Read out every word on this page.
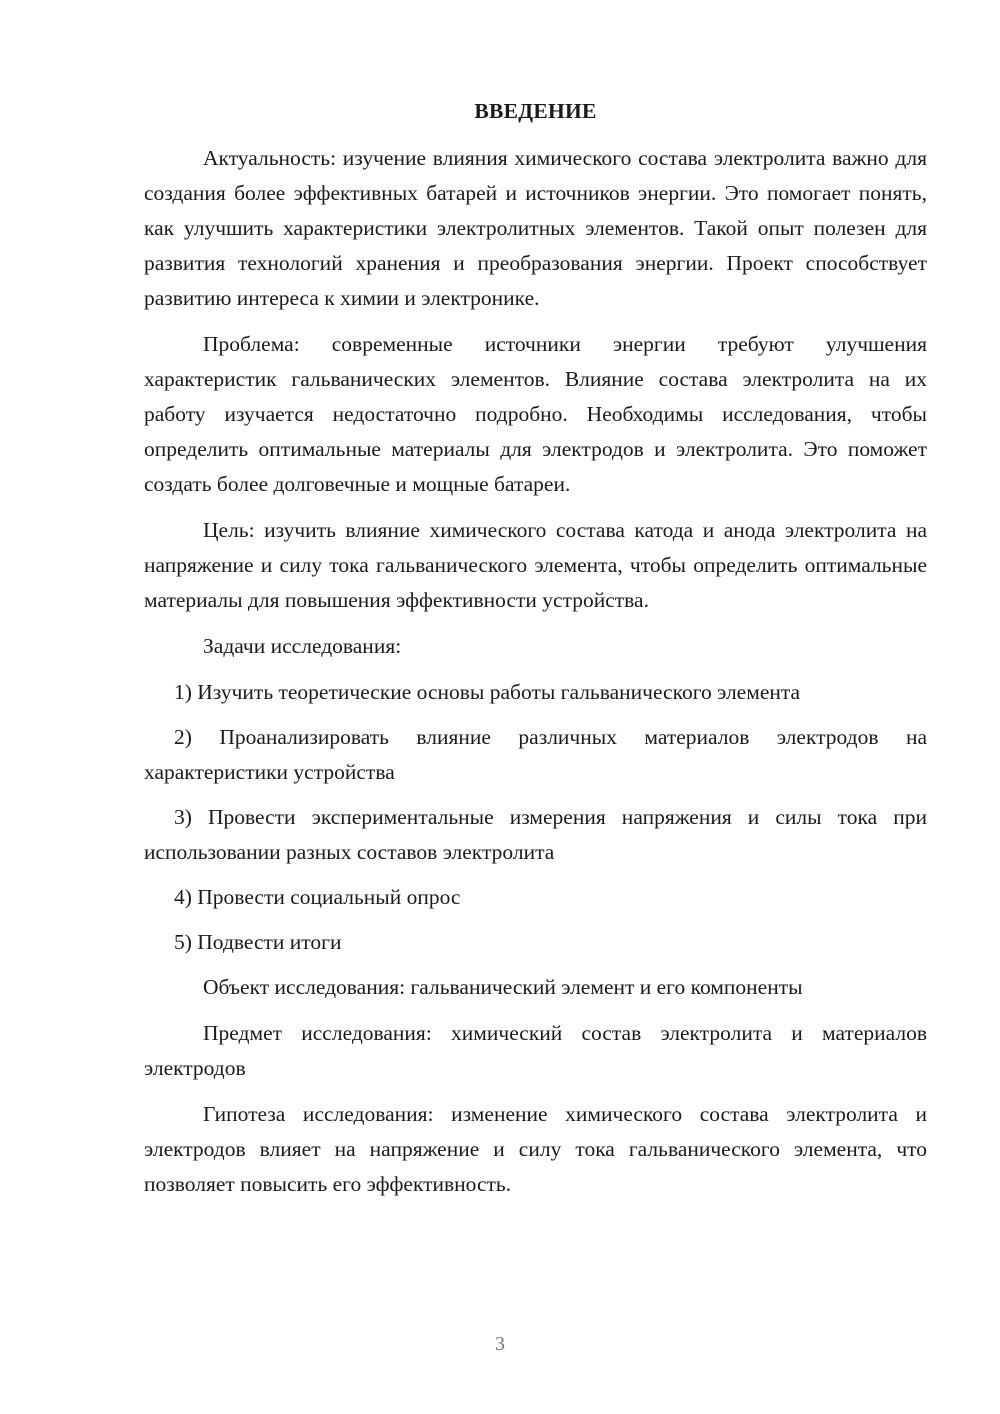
ВВЕДЕНИЕ

Актуальность: изучение влияния химического состава электролита важно для создания более эффективных батарей и источников энергии. Это помогает понять, как улучшить характеристики электролитных элементов. Такой опыт полезен для развития технологий хранения и преобразования энергии. Проект способствует развитию интереса к химии и электронике.

Проблема: современные источники энергии требуют улучшения характеристик гальванических элементов. Влияние состава электролита на их работу изучается недостаточно подробно. Необходимы исследования, чтобы определить оптимальные материалы для электродов и электролита. Это поможет создать более долговечные и мощные батареи.

Цель: изучить влияние химического состава катода и анода электролита на напряжение и силу тока гальванического элемента, чтобы определить оптимальные материалы для повышения эффективности устройства.

Задачи исследования:

1) Изучить теоретические основы работы гальванического элемента

2) Проанализировать влияние различных материалов электродов на характеристики устройства

3) Провести экспериментальные измерения напряжения и силы тока при использовании разных составов электролита

4) Провести социальный опрос

5) Подвести итоги

Объект исследования: гальванический элемент и его компоненты

Предмет исследования: химический состав электролита и материалов электродов

Гипотеза исследования: изменение химического состава электролита и электродов влияет на напряжение и силу тока гальванического элемента, что позволяет повысить его эффективность.

3
